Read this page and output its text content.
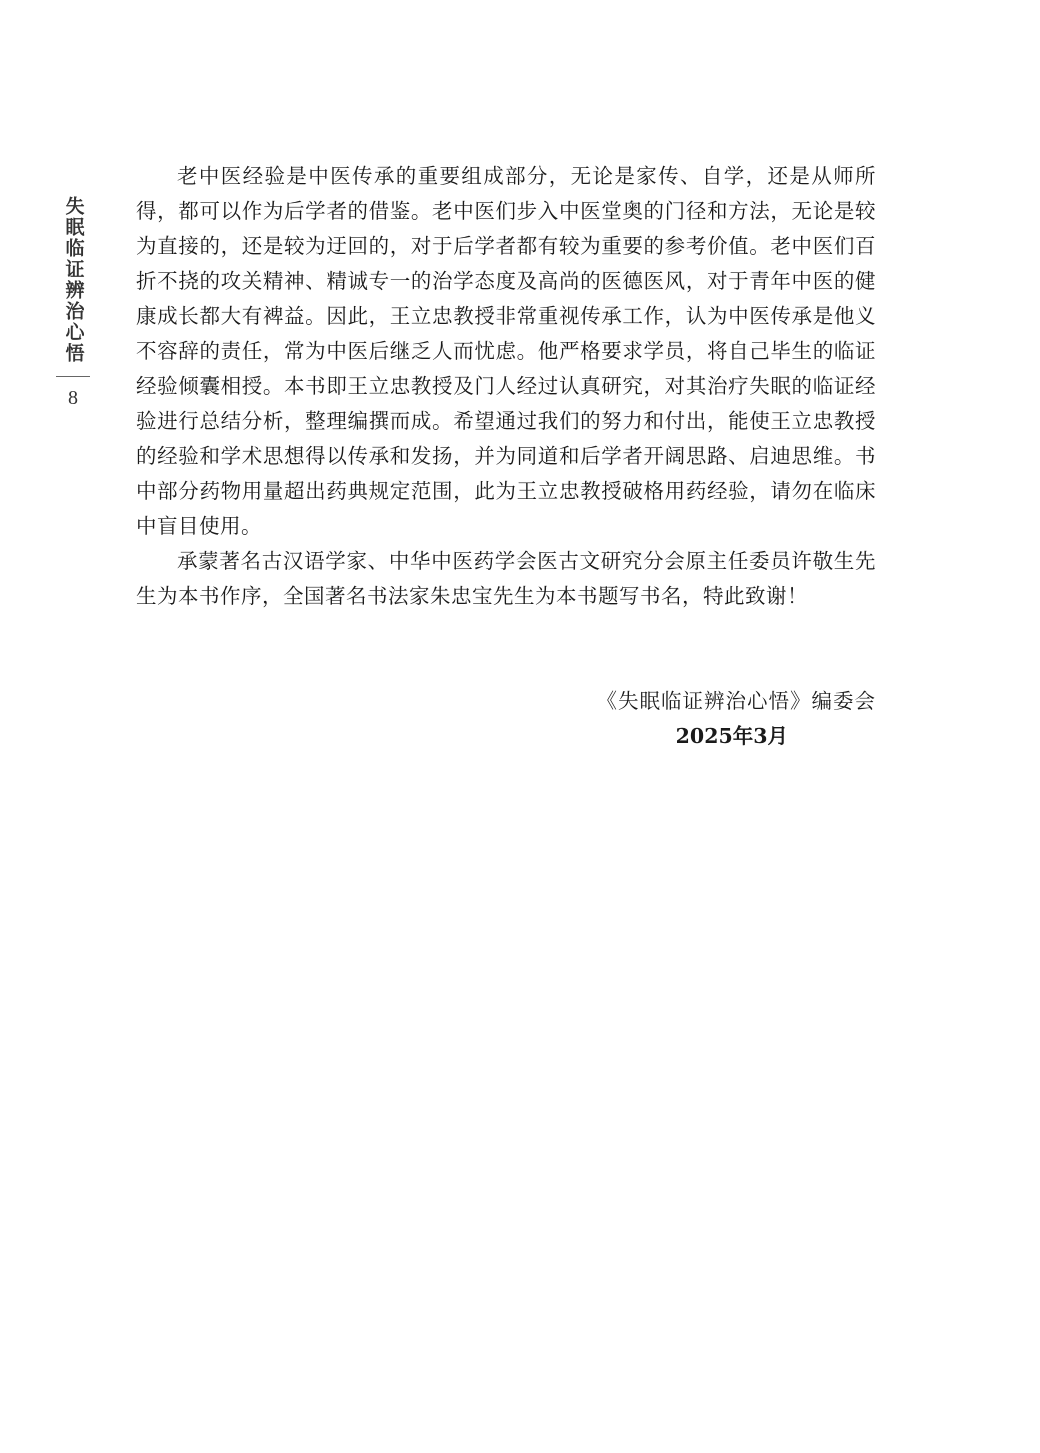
失眠临证辨治心悟
8

老中医经验是中医传承的重要组成部分，无论是家传、自学，还是从师所得，都可以作为后学者的借鉴。老中医们步入中医堂奥的门径和方法，无论是较为直接的，还是较为迂回的，对于后学者都有较为重要的参考价值。老中医们百折不挠的攻关精神、精诚专一的治学态度及高尚的医德医风，对于青年中医的健康成长都大有裨益。因此，王立忠教授非常重视传承工作，认为中医传承是他义不容辞的责任，常为中医后继乏人而忧虑。他严格要求学员，将自己毕生的临证经验倾囊相授。本书即王立忠教授及门人经过认真研究，对其治疗失眠的临证经验进行总结分析，整理编撰而成。希望通过我们的努力和付出，能使王立忠教授的经验和学术思想得以传承和发扬，并为同道和后学者开阔思路、启迪思维。书中部分药物用量超出药典规定范围，此为王立忠教授破格用药经验，请勿在临床中盲目使用。

承蒙著名古汉语学家、中华中医药学会医古文研究分会原主任委员许敬生先生为本书作序，全国著名书法家朱忠宝先生为本书题写书名，特此致谢！

《失眠临证辨治心悟》编委会
2025年3月
